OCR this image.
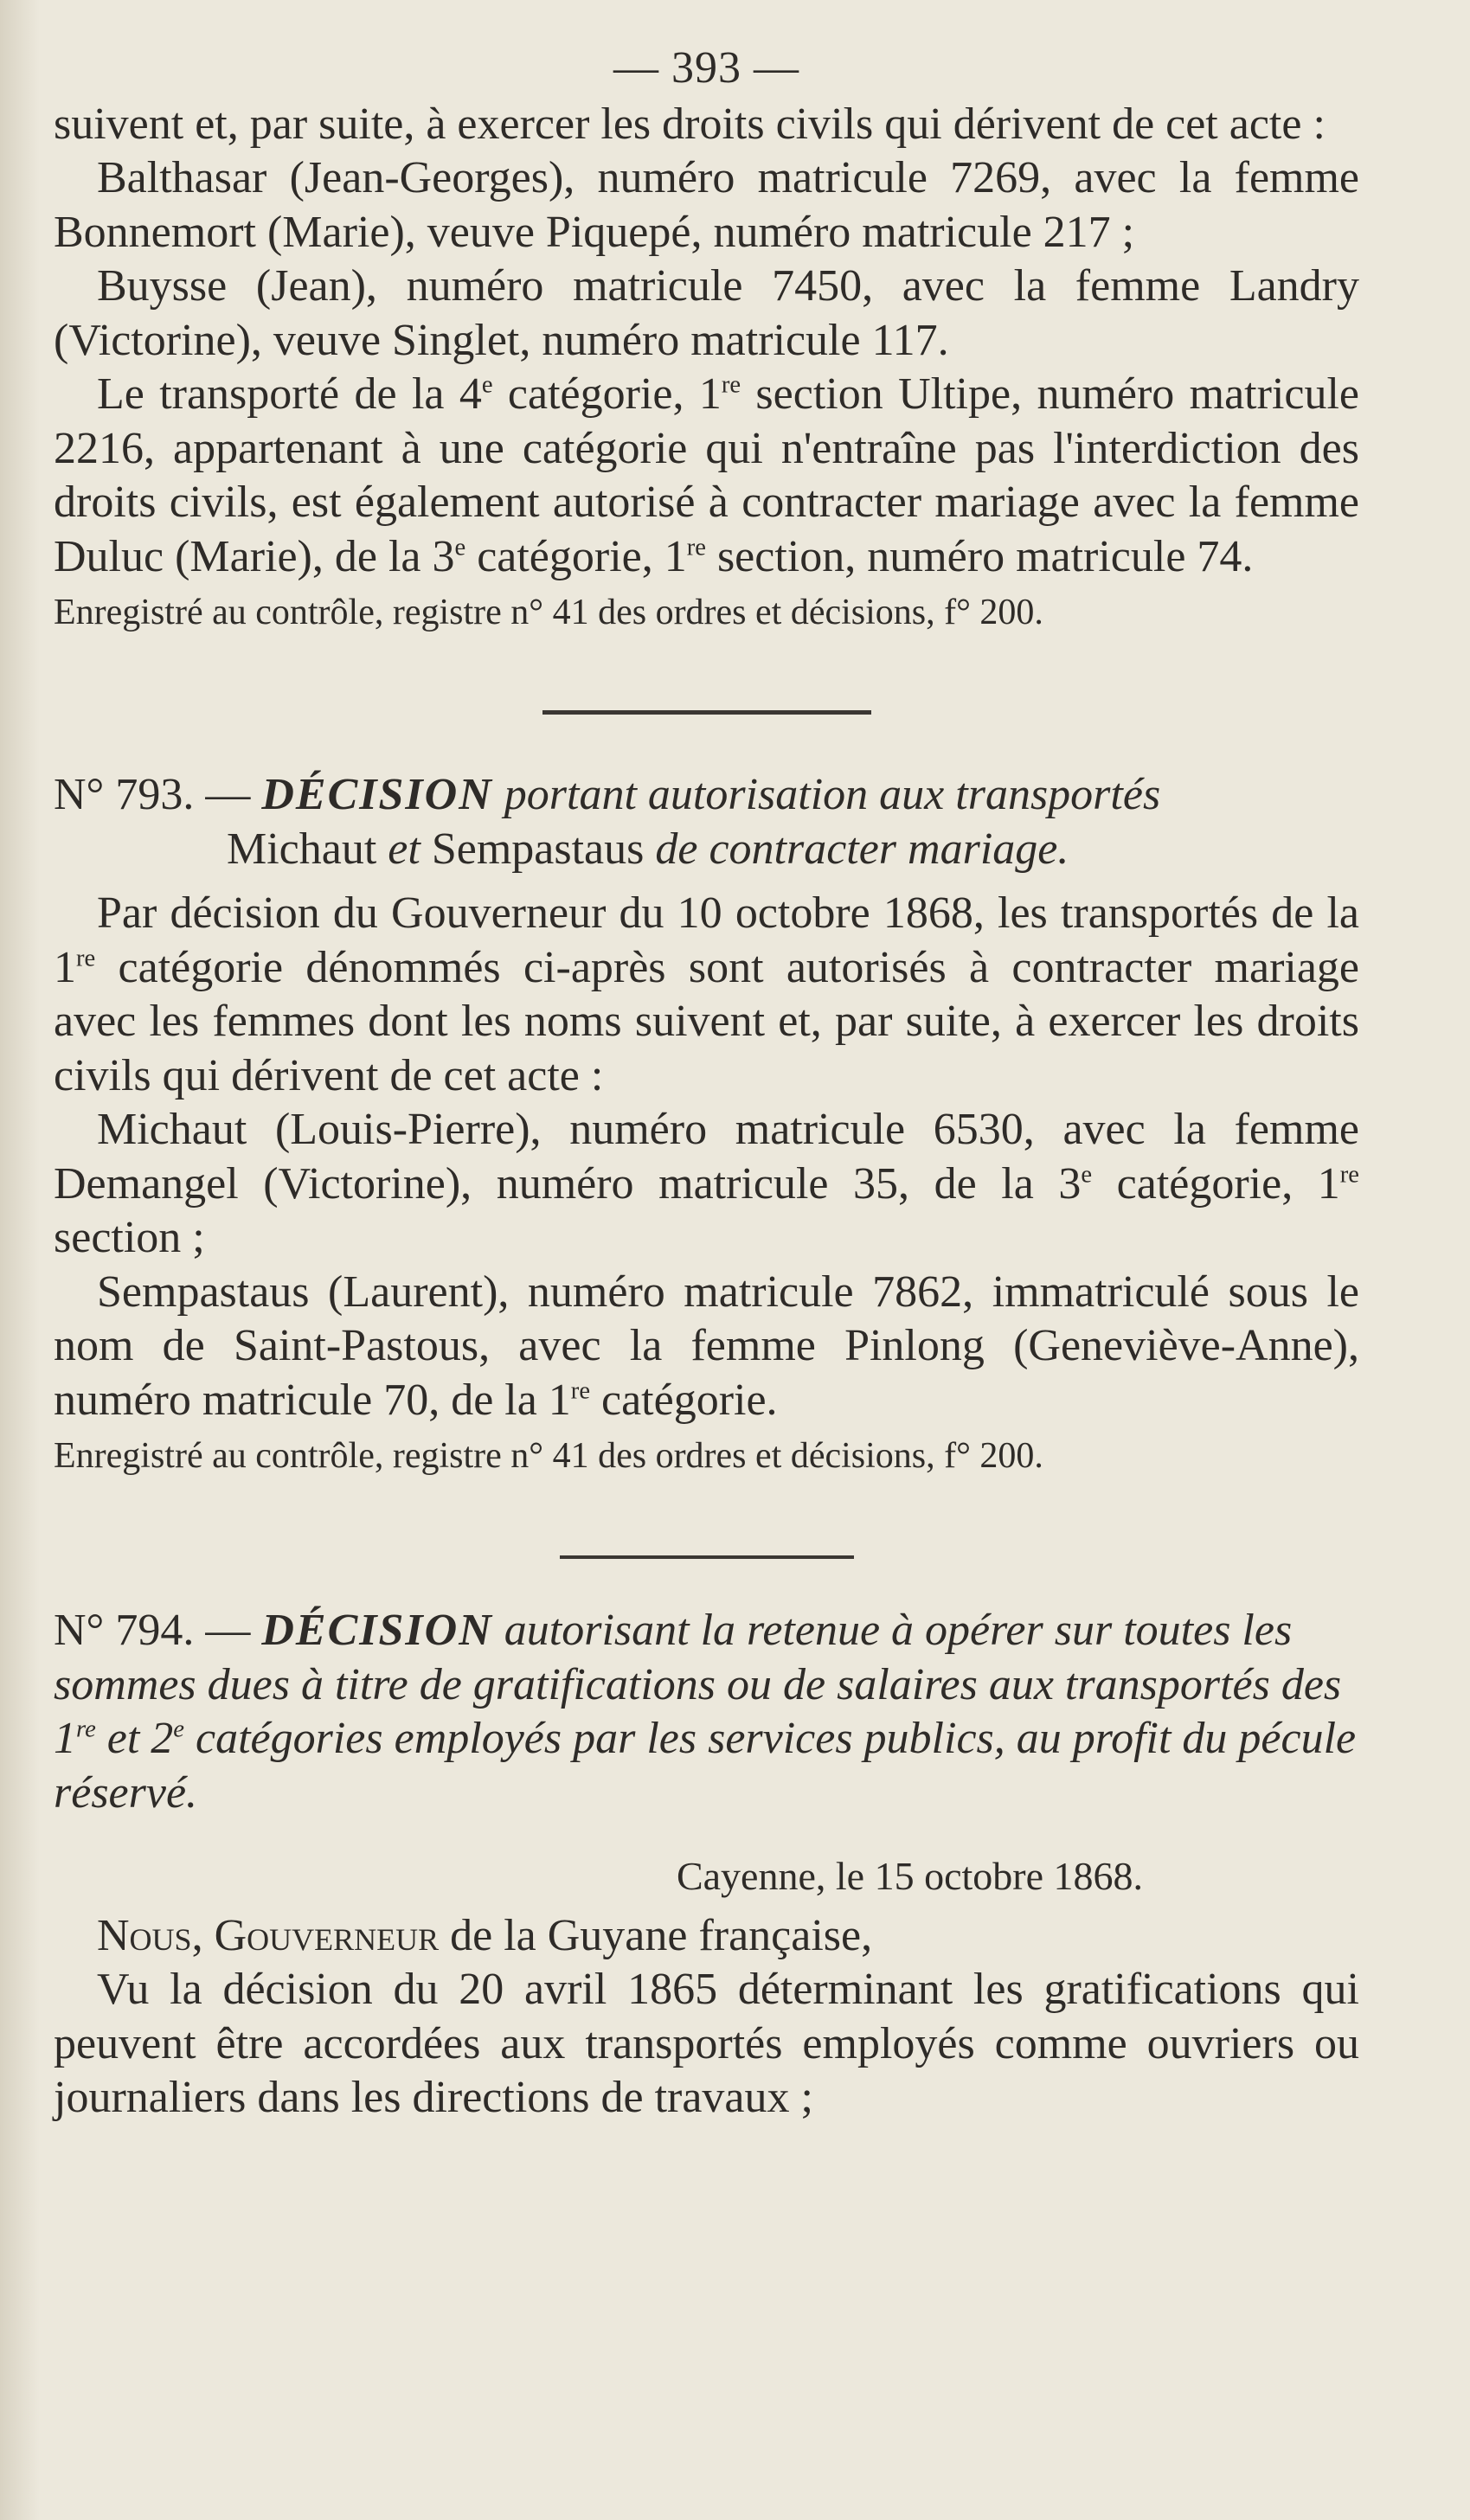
— 393 —

suivent et, par suite, à exercer les droits civils qui dérivent de cet acte :

Balthasar (Jean-Georges), numéro matricule 7269, avec la femme Bonnemort (Marie), veuve Piquepé, numéro matricule 217 ;

Buysse (Jean), numéro matricule 7450, avec la femme Landry (Victorine), veuve Singlet, numéro matricule 117.

Le transporté de la 4e catégorie, 1re section Ultipe, numéro matricule 2216, appartenant à une catégorie qui n'entraîne pas l'interdiction des droits civils, est également autorisé à contracter mariage avec la femme Duluc (Marie), de la 3e catégorie, 1re section, numéro matricule 74.

Enregistré au contrôle, registre n° 41 des ordres et décisions, f° 200.

N° 793. — DÉCISION portant autorisation aux transportés
Michaut et Sempastaus de contracter mariage.

Par décision du Gouverneur du 10 octobre 1868, les transportés de la 1re catégorie dénommés ci-après sont autorisés à contracter mariage avec les femmes dont les noms suivent et, par suite, à exercer les droits civils qui dérivent de cet acte :

Michaut (Louis-Pierre), numéro matricule 6530, avec la femme Demangel (Victorine), numéro matricule 35, de la 3e catégorie, 1re section ;

Sempastaus (Laurent), numéro matricule 7862, immatriculé sous le nom de Saint-Pastous, avec la femme Pinlong (Geneviève-Anne), numéro matricule 70, de la 1re catégorie.

Enregistré au contrôle, registre n° 41 des ordres et décisions, f° 200.

N° 794. — DÉCISION autorisant la retenue à opérer sur toutes les sommes dues à titre de gratifications ou de salaires aux transportés des 1re et 2e catégories employés par les services publics, au profit du pécule réservé.

Cayenne, le 15 octobre 1868.

Nous, Gouverneur de la Guyane française,

Vu la décision du 20 avril 1865 déterminant les gratifications qui peuvent être accordées aux transportés employés comme ouvriers ou journaliers dans les directions de travaux ;
